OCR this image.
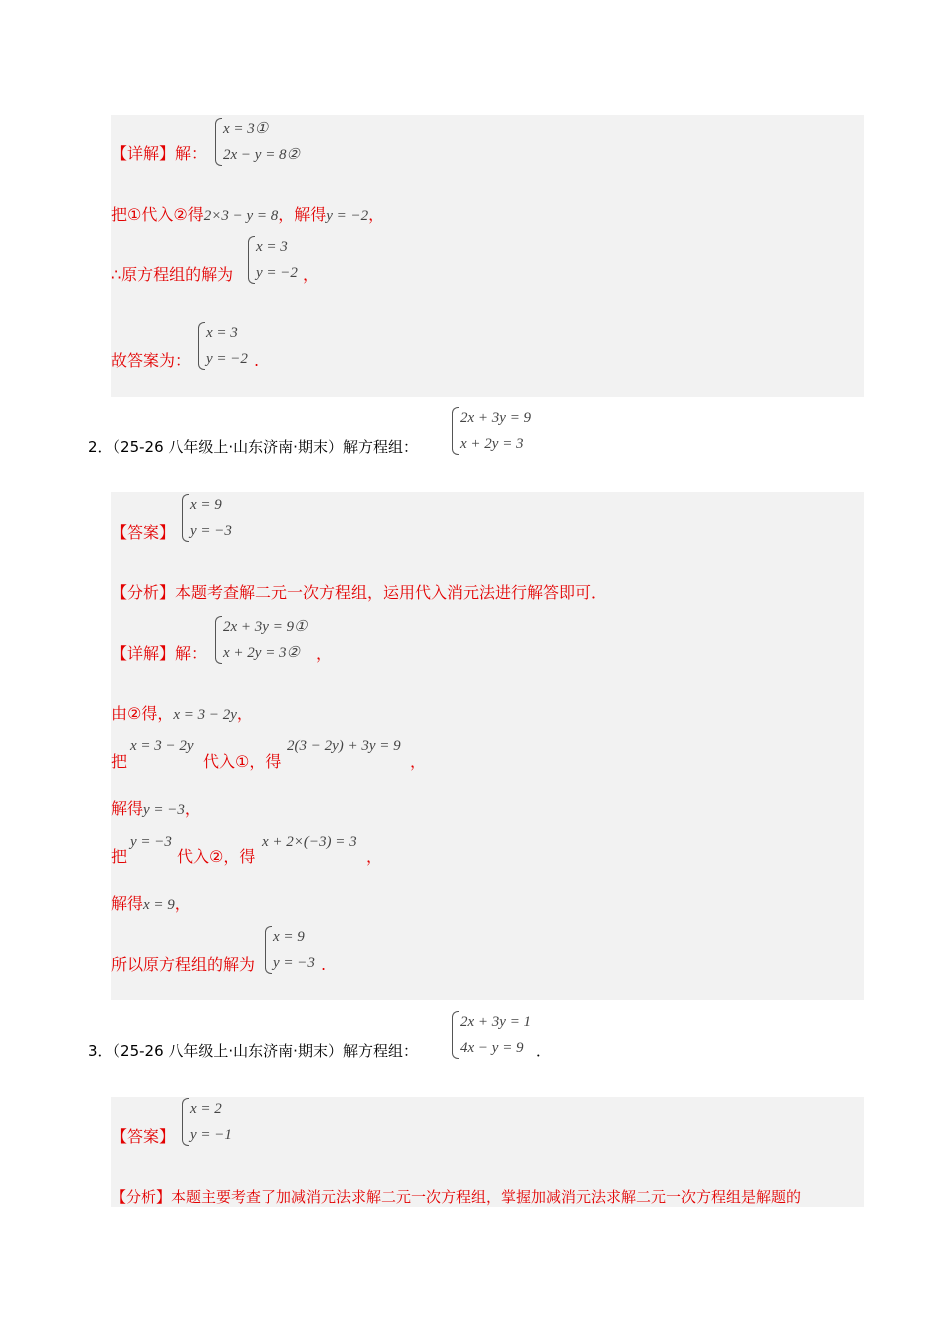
【详解】解：
x = 3①
2x − y = 8②
把①代入②得2×3 − y = 8，解得y = −2，
∴原方程组的解为
x = 3
y = −2 ，
故答案为：
x = 3
y = −2 .
2．（25-26 八年级上·山东济南·期末）解方程组：
2x + 3y = 9
x + 2y = 3
【答案】
x = 9
y = −3
【分析】本题考查解二元一次方程组，运用代入消元法进行解答即可．
【详解】解：
2x + 3y = 9①
x + 2y = 3② ，
由②得，x = 3 − 2y，
把
x = 3 − 2y
代入①，得
2(3 − 2y) + 3y = 9
，
解得y = −3，
把
y = −3
代入②，得
x + 2×(−3) = 3
，
解得x = 9，
所以原方程组的解为
x = 9
y = −3 .
3．（25-26 八年级上·山东济南·期末）解方程组：
2x + 3y = 1
4x − y = 9 ．
【答案】
x = 2
y = −1
【分析】本题主要考查了加减消元法求解二元一次方程组，掌握加减消元法求解二元一次方程组是解题的
